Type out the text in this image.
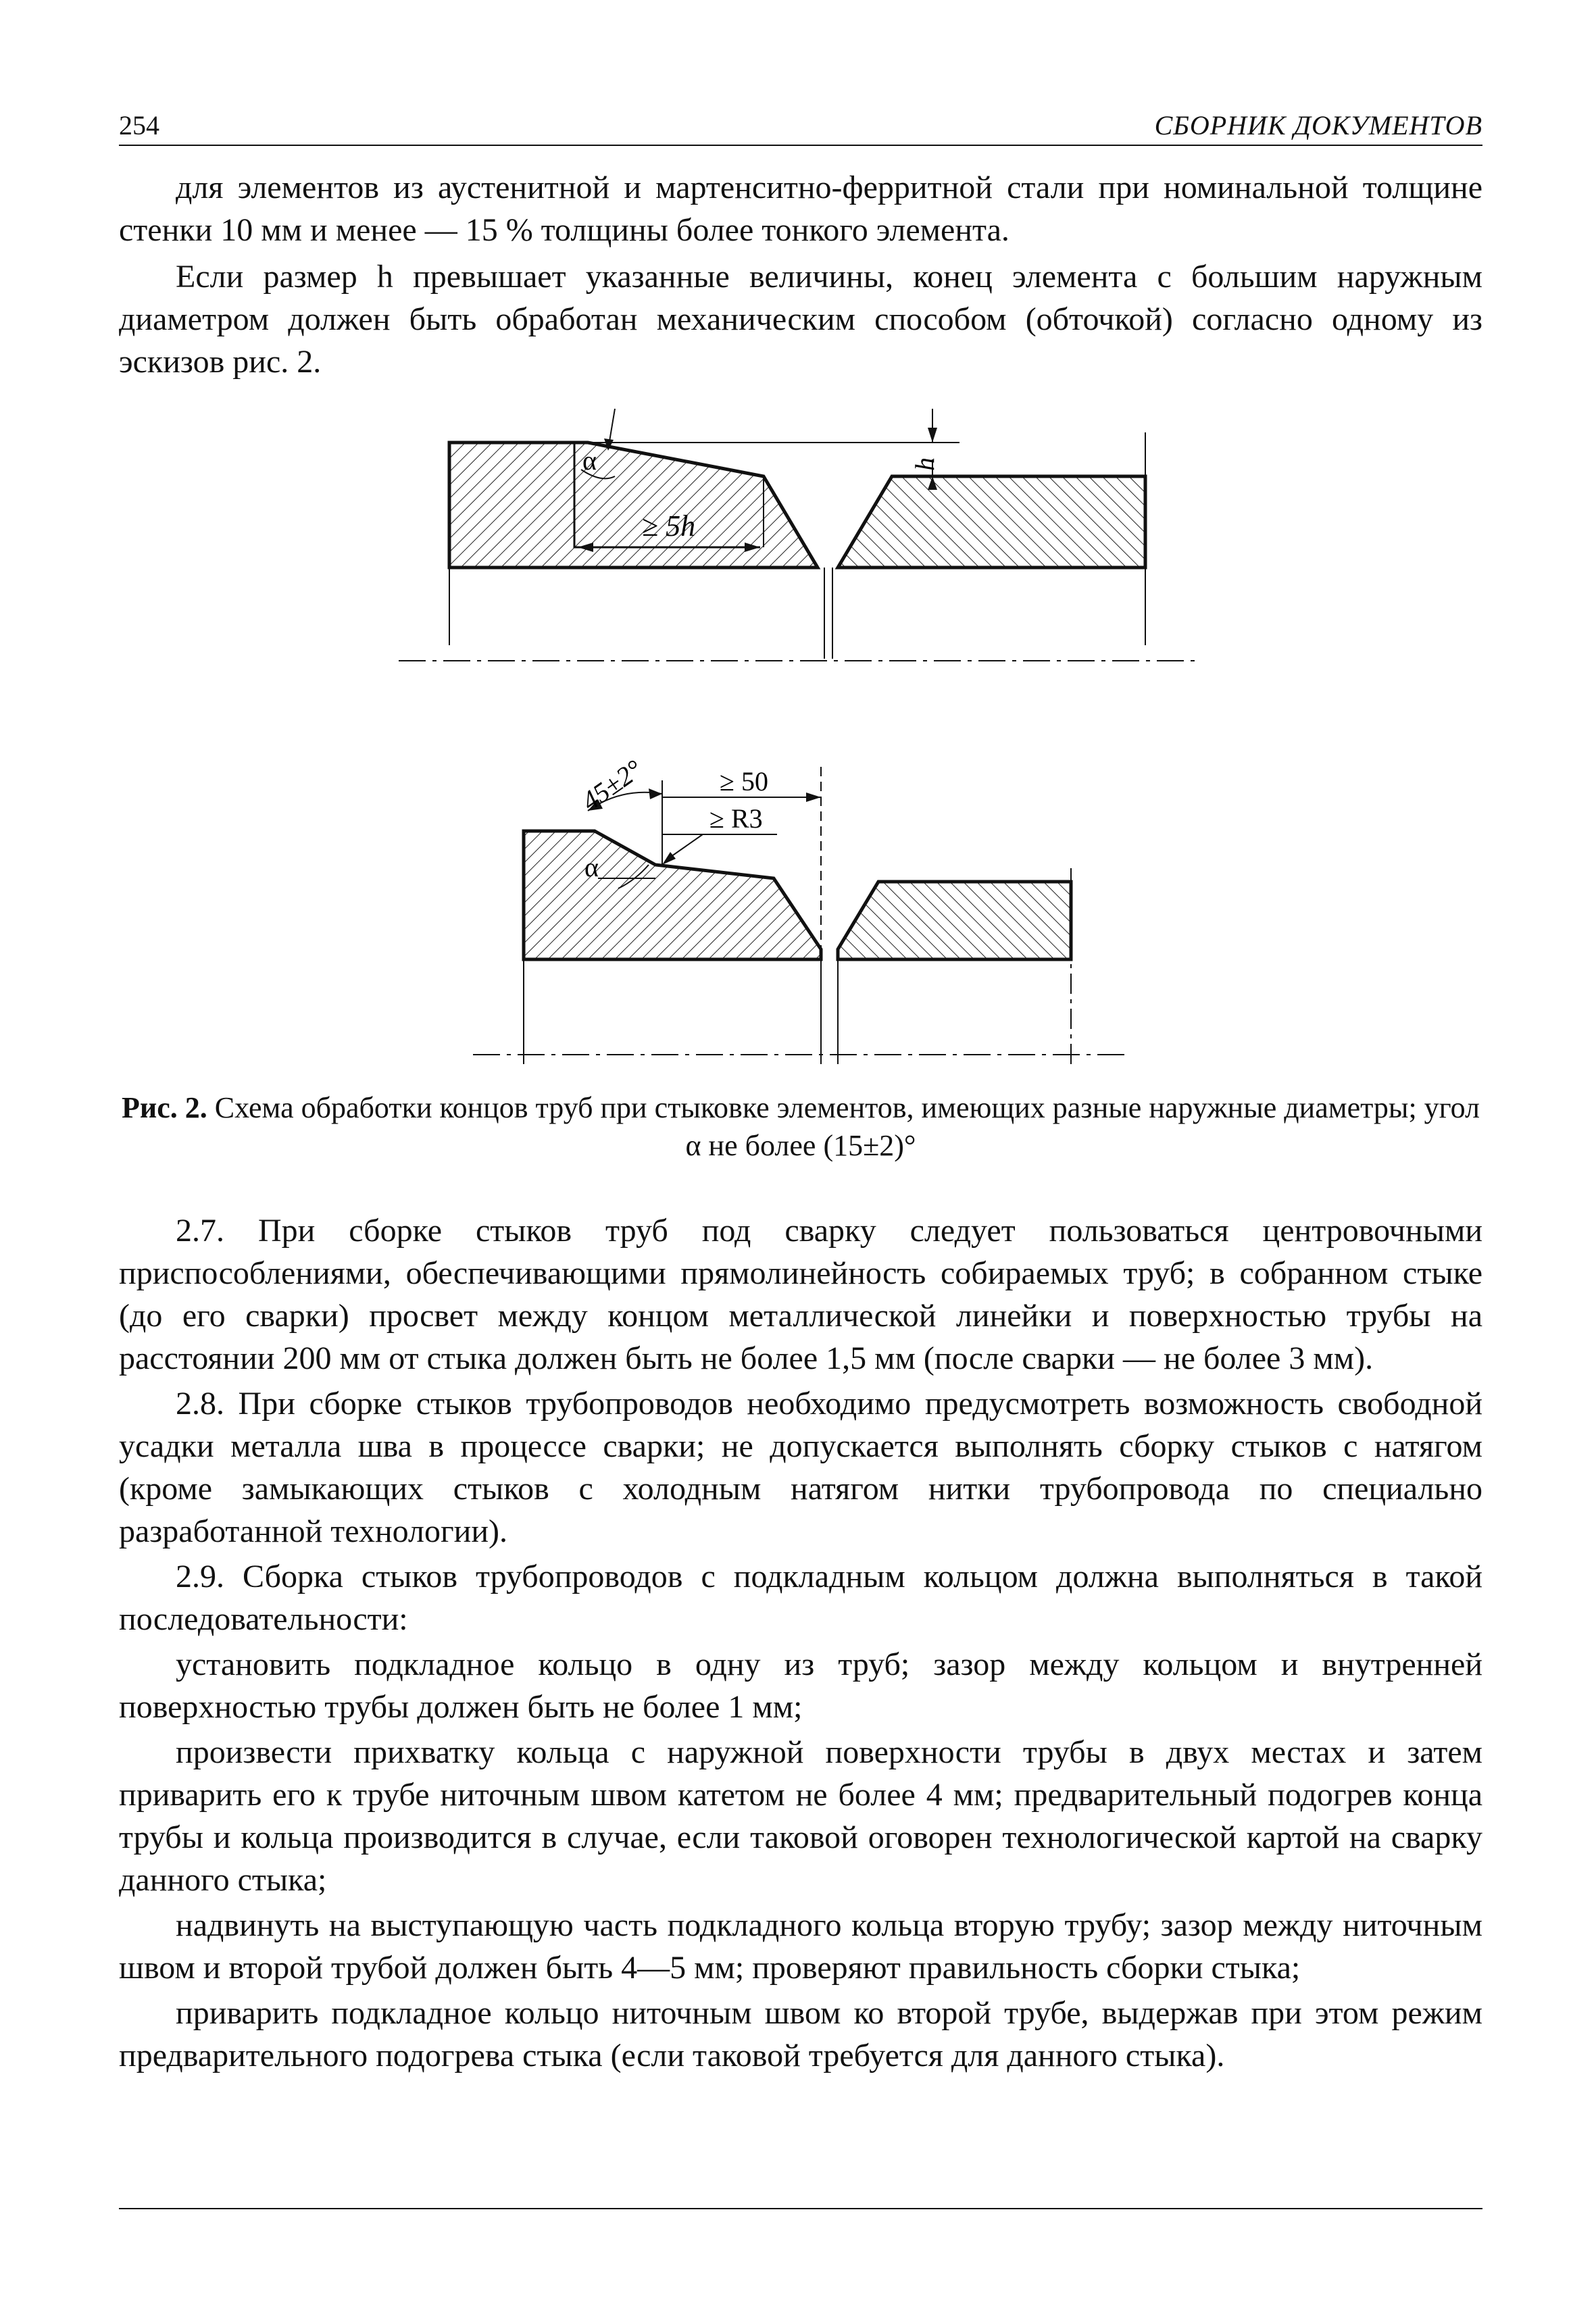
254	СБОРНИК ДОКУМЕНТОВ

для элементов из аустенитной и мартенситно-ферритной стали при номинальной толщине стенки 10 мм и менее — 15 % толщины более тонкого элемента.

Если размер h превышает указанные величины, конец элемента с большим наружным диаметром должен быть обработан механическим способом (обточкой) согласно одному из эскизов рис. 2.

≥ 5h
α	h
45±2°	≥ 50
≥ R3
α
Рис. 2. Схема обработки концов труб при стыковке элементов, имеющих разные наружные диаметры; угол α не более (15±2)°

2.7. При сборке стыков труб под сварку следует пользоваться центровочными приспособлениями, обеспечивающими прямолинейность собираемых труб; в собранном стыке (до его сварки) просвет между концом металлической линейки и поверхностью трубы на расстоянии 200 мм от стыка должен быть не более 1,5 мм (после сварки — не более 3 мм).

2.8. При сборке стыков трубопроводов необходимо предусмотреть возможность свободной усадки металла шва в процессе сварки; не допускается выполнять сборку стыков с натягом (кроме замыкающих стыков с холодным натягом нитки трубопровода по специально разработанной технологии).

2.9. Сборка стыков трубопроводов с подкладным кольцом должна выполняться в такой последовательности:

установить подкладное кольцо в одну из труб; зазор между кольцом и внутренней поверхностью трубы должен быть не более 1 мм;

произвести прихватку кольца с наружной поверхности трубы в двух местах и затем приварить его к трубе ниточным швом катетом не более 4 мм; предварительный подогрев конца трубы и кольца производится в случае, если таковой оговорен технологической картой на сварку данного стыка;

надвинуть на выступающую часть подкладного кольца вторую трубу; зазор между ниточным швом и второй трубой должен быть 4—5 мм; проверяют правильность сборки стыка;

приварить подкладное кольцо ниточным швом ко второй трубе, выдержав при этом режим предварительного подогрева стыка (если таковой требуется для данного стыка).
